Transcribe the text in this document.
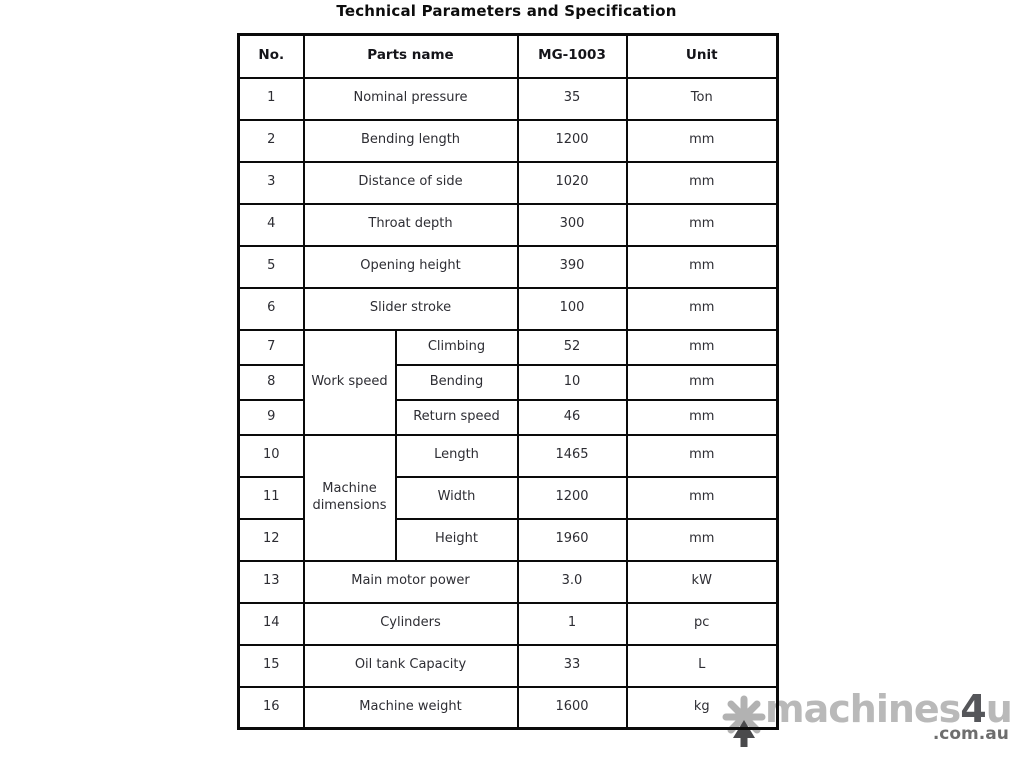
Technical Parameters and Specification
No.	Parts name		MG-1003	Unit
1	Nominal pressure		35	Ton
2	Bending length		1200	mm
3	Distance of side		1020	mm
4	Throat depth		300	mm
5	Opening height		390	mm
6	Slider stroke		100	mm
7	Work speed	Climbing	52	mm
8		Bending	10	mm
9		Return speed	46	mm
10	Machine dimensions	Length	1465	mm
11		Width	1200	mm
12		Height	1960	mm
13	Main motor power		3.0	kW
14	Cylinders		1	pc
15	Oil tank Capacity		33	L
16	Machine weight		1600	kg machines4u
.com.au
